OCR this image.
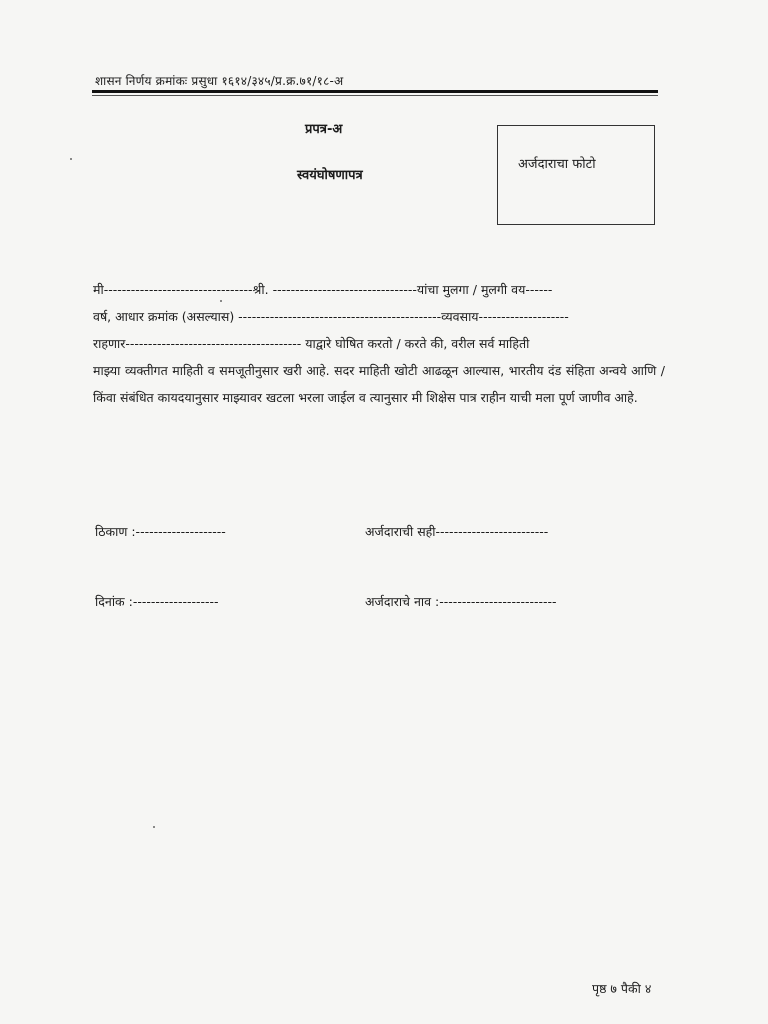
शासन निर्णय क्रमांकः प्रसुधा १६१४/३४५/प्र.क्र.७१/१८-अ
प्रपत्र-अ
स्वयंघोषणापत्र
अर्जदाराचा फोटो
मी---------------------------------श्री. --------------------------------यांचा मुलगा / मुलगी वय------
वर्ष, आधार क्रमांक (असल्यास) ---------------------------------------------व्यवसाय--------------------
राहणार--------------------------------------- याद्वारे घोषित करतो / करते की, वरील सर्व माहिती
माझ्या व्यक्तीगत माहिती व समजूतीनुसार खरी आहे. सदर माहिती खोटी आढळून आल्यास, भारतीय दंड संहिता अन्वये आणि / किंवा संबंधित कायदयानुसार माझ्यावर खटला भरला जाईल व त्यानुसार मी शिक्षेस पात्र राहीन याची मला पूर्ण जाणीव आहे.
ठिकाण :--------------------	अर्जदाराची सही-------------------------
दिनांक :-------------------	अर्जदाराचे नाव :--------------------------
पृष्ठ ७ पैकी ४
